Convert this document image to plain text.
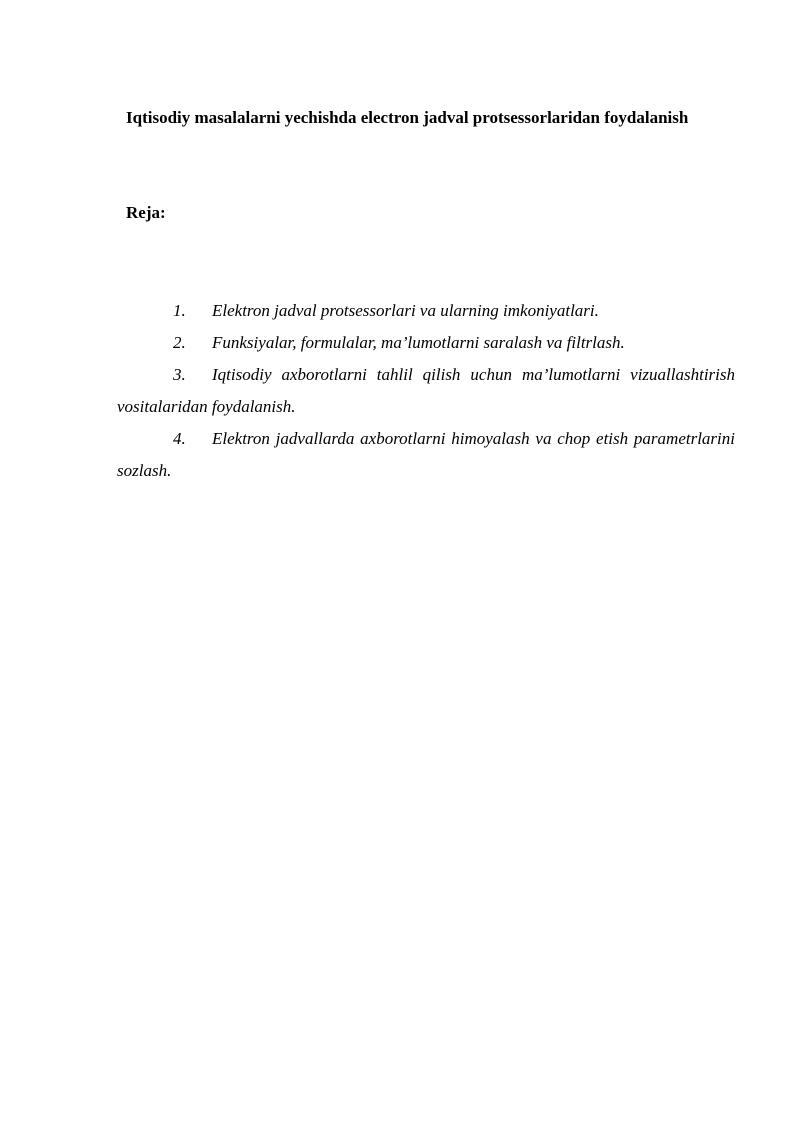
Iqtisodiy masalalarni yechishda electron jadval protsessorlaridan foydalanish

Reja:

1. Elektron jadval protsessorlari va ularning imkoniyatlari.
2. Funksiyalar, formulalar, ma’lumotlarni saralash va filtrlash.
3. Iqtisodiy axborotlarni tahlil qilish uchun ma’lumotlarni vizuallashtirish vositalaridan foydalanish.
4. Elektron jadvallarda axborotlarni himoyalash va chop etish parametrlarini sozlash.
